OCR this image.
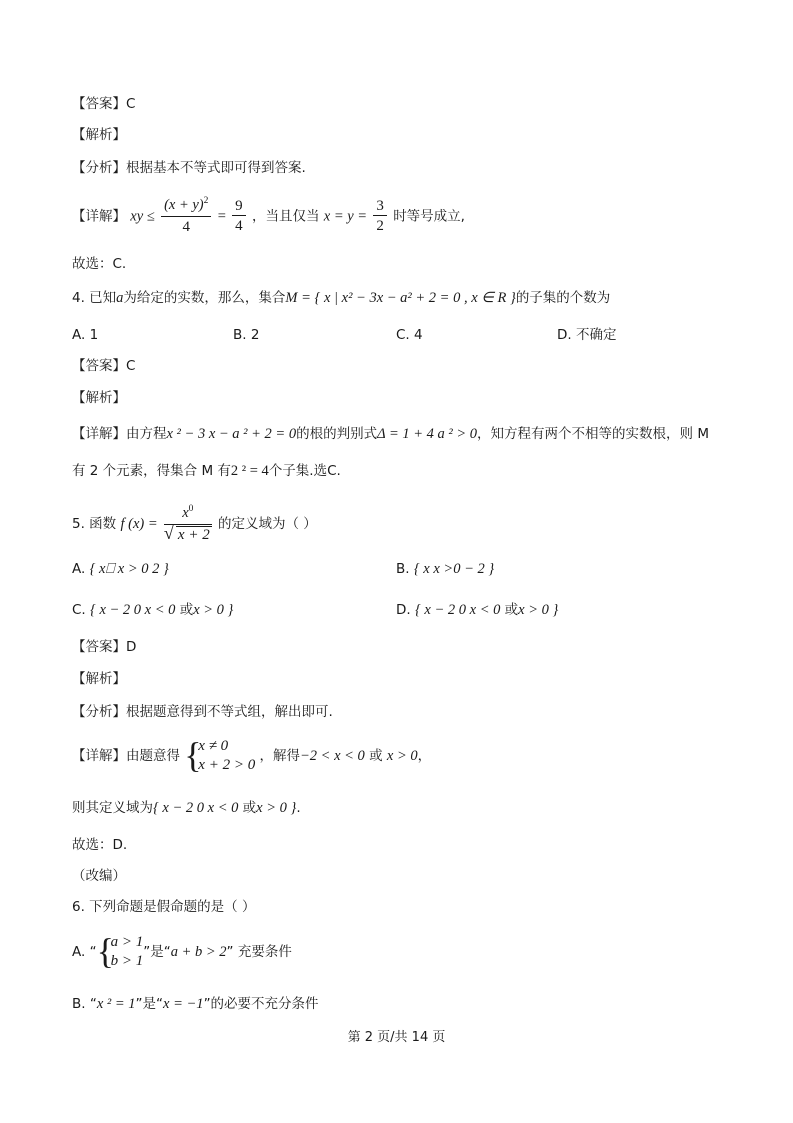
【答案】C
【解析】
【分析】根据基本不等式即可得到答案.
【详解】 xy ≤ $\frac{(x + y)^2}{4} = \frac{9}{4}$ ，当且仅当 $x = y = \frac{3}{2}$ 时等号成立,
故选：C.
4. 已知a为给定的实数，那么，集合M = { x | x² − 3x − a² + 2 = 0 , x ∈ R }的子集的个数为
A. 1	B. 2	C. 4	D. 不确定
【答案】C
【解析】
【详解】由方程x ² − 3 x − a ² + 2 = 0的根的判别式Δ = 1 + 4 a ² > 0，知方程有两个不相等的实数根，则 M
有 2 个元素，得集合 M 有2 ² = 4个子集.选C.
5. 函数 f $(x) = \frac{x^0}{√ x + 2}$ 的定义域为（ ）
A. { x⎕ x > 0 2 }	B. { x x >0 − 2 }
C. { x − 2 0 x < 0 或x > 0 }	D. { x − 2 0 x < 0 或x > 0 }
【答案】D
【解析】
【分析】根据题意得到不等式组，解出即可.
【详解】由题意得 {
x ≠ 0
x + 2 > 0
，解得−2 < x < 0 或 x > 0，
则其定义域为{ x − 2 0 x < 0 或x > 0 }.
故选：D.
（改编）
6. 下列命题是假命题的是（ ）
A. “ {
a > 1
b > 1
”是“a + b > 2” 充要条件
B. “x ² = 1”是“x = −1”的必要不充分条件
第 2 页/共 14 页
